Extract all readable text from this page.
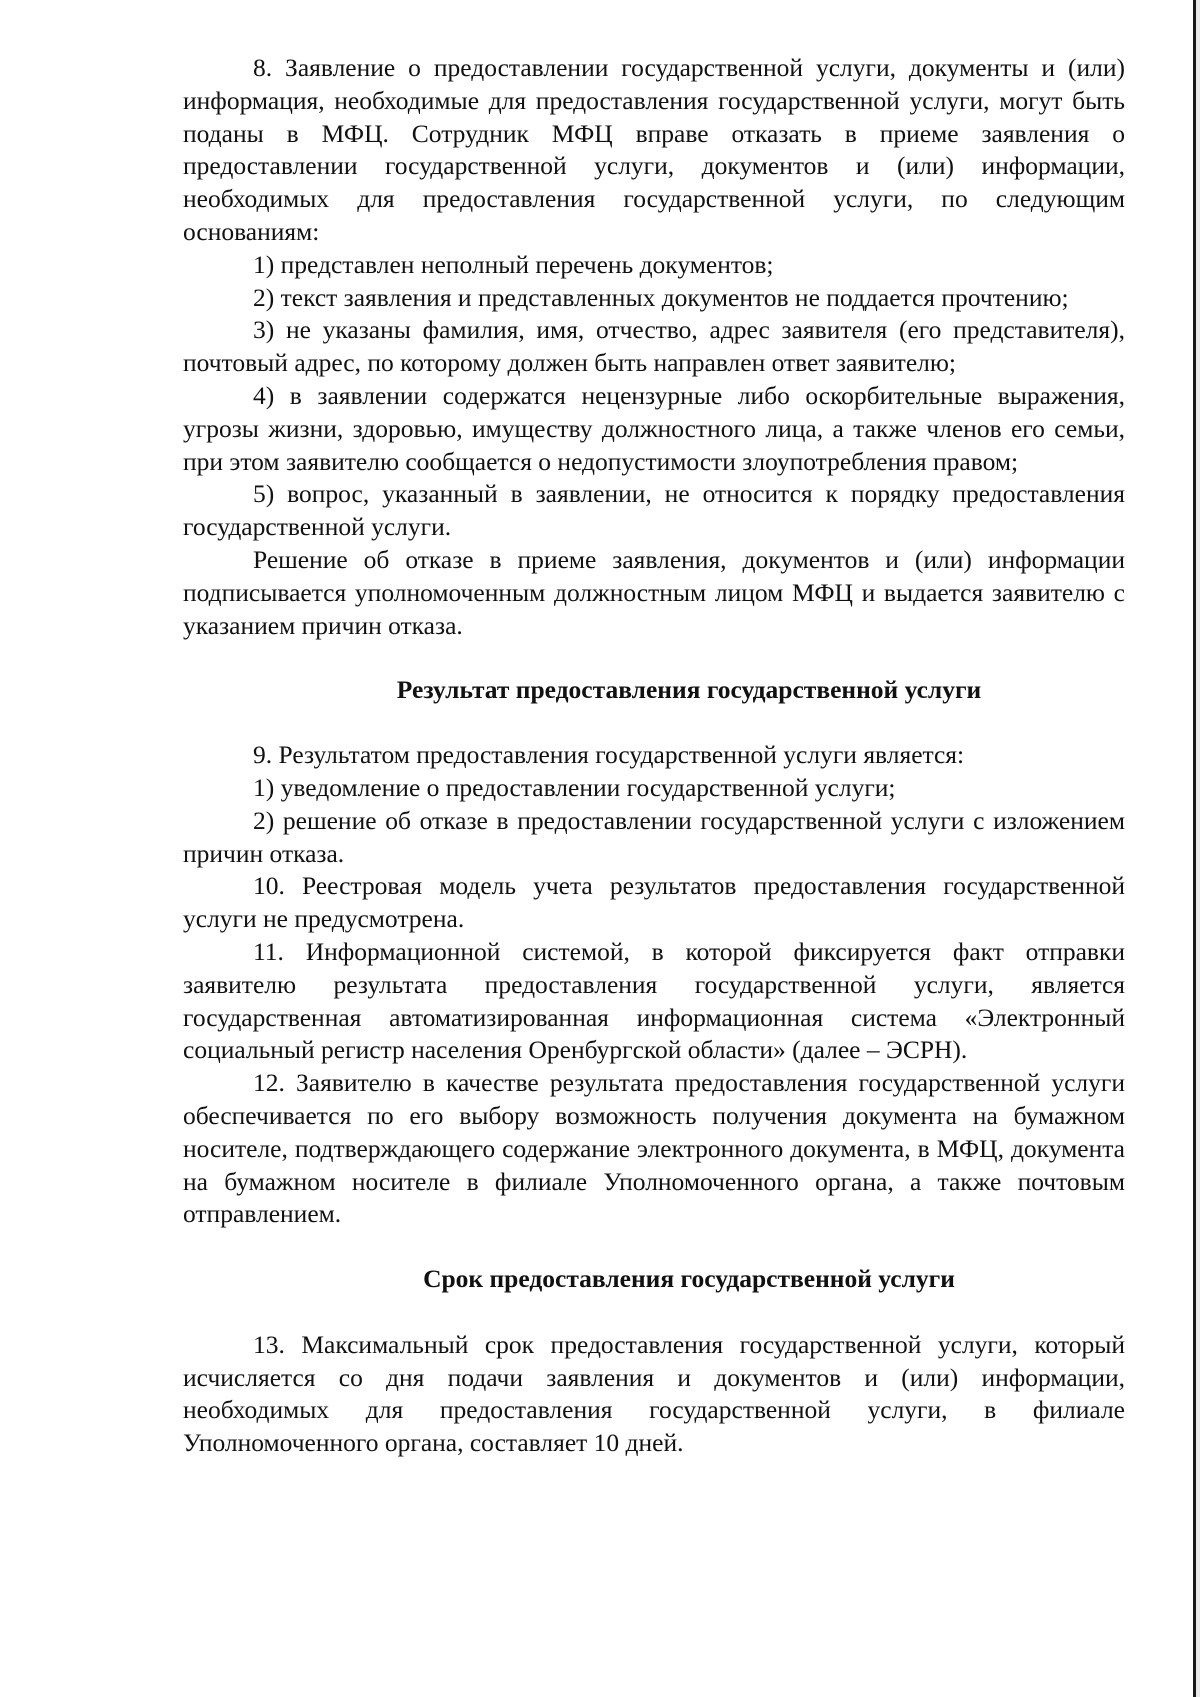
8. Заявление о предоставлении государственной услуги, документы и (или) информация, необходимые для предоставления государственной услуги, могут быть поданы в МФЦ. Сотрудник МФЦ вправе отказать в приеме заявления о предоставлении государственной услуги, документов и (или) информации, необходимых для предоставления государственной услуги, по следующим основаниям:

1) представлен неполный перечень документов;

2) текст заявления и представленных документов не поддается прочтению;

3) не указаны фамилия, имя, отчество, адрес заявителя (его представителя), почтовый адрес, по которому должен быть направлен ответ заявителю;

4) в заявлении содержатся нецензурные либо оскорбительные выражения, угрозы жизни, здоровью, имуществу должностного лица, а также членов его семьи, при этом заявителю сообщается о недопустимости злоупотребления правом;

5) вопрос, указанный в заявлении, не относится к порядку предоставления государственной услуги.

Решение об отказе в приеме заявления, документов и (или) информации подписывается уполномоченным должностным лицом МФЦ и выдается заявителю с указанием причин отказа.

Результат предоставления государственной услуги

9. Результатом предоставления государственной услуги является:

1) уведомление о предоставлении государственной услуги;

2) решение об отказе в предоставлении государственной услуги с изложением причин отказа.

10. Реестровая модель учета результатов предоставления государственной услуги не предусмотрена.

11. Информационной системой, в которой фиксируется факт отправки заявителю результата предоставления государственной услуги, является государственная автоматизированная информационная система «Электронный социальный регистр населения Оренбургской области» (далее – ЭСРН).

12. Заявителю в качестве результата предоставления государственной услуги обеспечивается по его выбору возможность получения документа на бумажном носителе, подтверждающего содержание электронного документа, в МФЦ, документа на бумажном носителе в филиале Уполномоченного органа, а также почтовым отправлением.

Срок предоставления государственной услуги

13. Максимальный срок предоставления государственной услуги, который исчисляется со дня подачи заявления и документов и (или) информации, необходимых для предоставления государственной услуги, в филиале Уполномоченного органа, составляет 10 дней.
